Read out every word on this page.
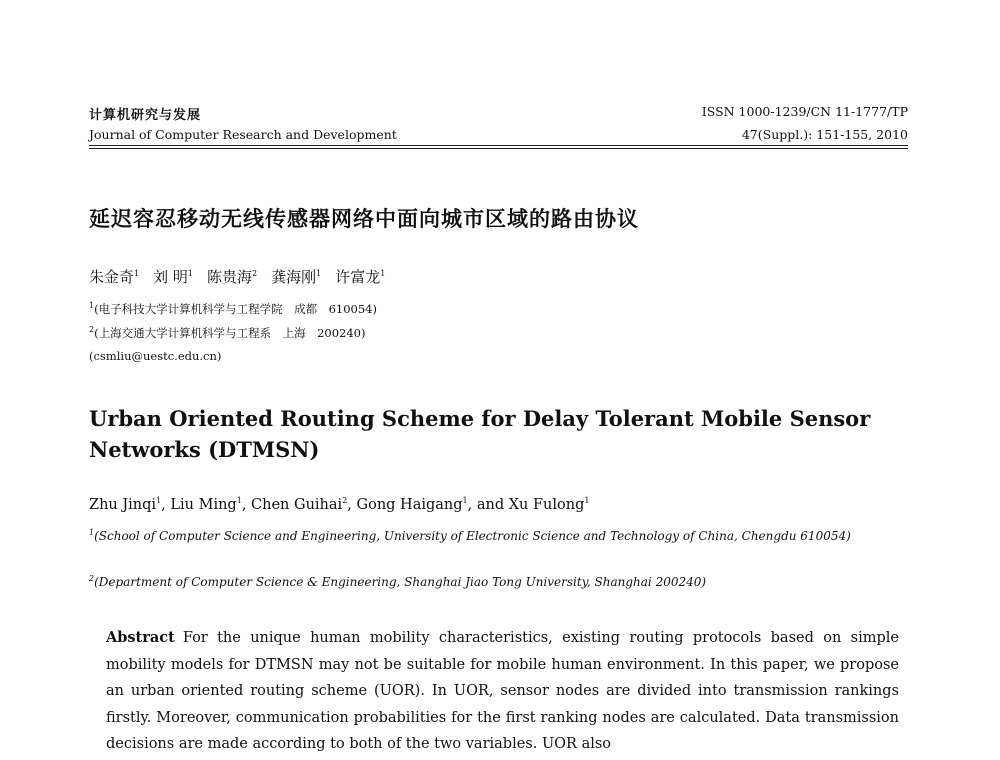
计算机研究与发展
Journal of Computer Research and Development
ISSN 1000-1239/CN 11-1777/TP
47(Suppl.): 151-155, 2010
延迟容忍移动无线传感器网络中面向城市区域的路由协议
朱金奇$^1$ 刘 明$^1$ 陈贵海$^2$ 龚海刚$^1$ 许富龙$^1$
$^1$(电子科技大学计算机科学与工程学院　成都　610054)
$^2$(上海交通大学计算机科学与工程系　上海　200240)
(csmliu@uestc.edu.cn)
Urban Oriented Routing Scheme for Delay Tolerant Mobile Sensor Networks (DTMSN)
Zhu Jinqi$^1$, Liu Ming$^1$, Chen Guihai$^2$, Gong Haigang$^1$, and Xu Fulong$^1$
$^1$(School of Computer Science and Engineering, University of Electronic Science and Technology of China, Chengdu 610054)
$^2$(Department of Computer Science & Engineering, Shanghai Jiao Tong University, Shanghai 200240)
Abstract For the unique human mobility characteristics, existing routing protocols based on simple mobility models for DTMSN may not be suitable for mobile human environment. In this paper, we propose an urban oriented routing scheme (UOR). In UOR, sensor nodes are divided into transmission rankings firstly. Moreover, communication probabilities for the first ranking nodes are calculated. Data transmission decisions are made according to both of the two variables. UOR also
